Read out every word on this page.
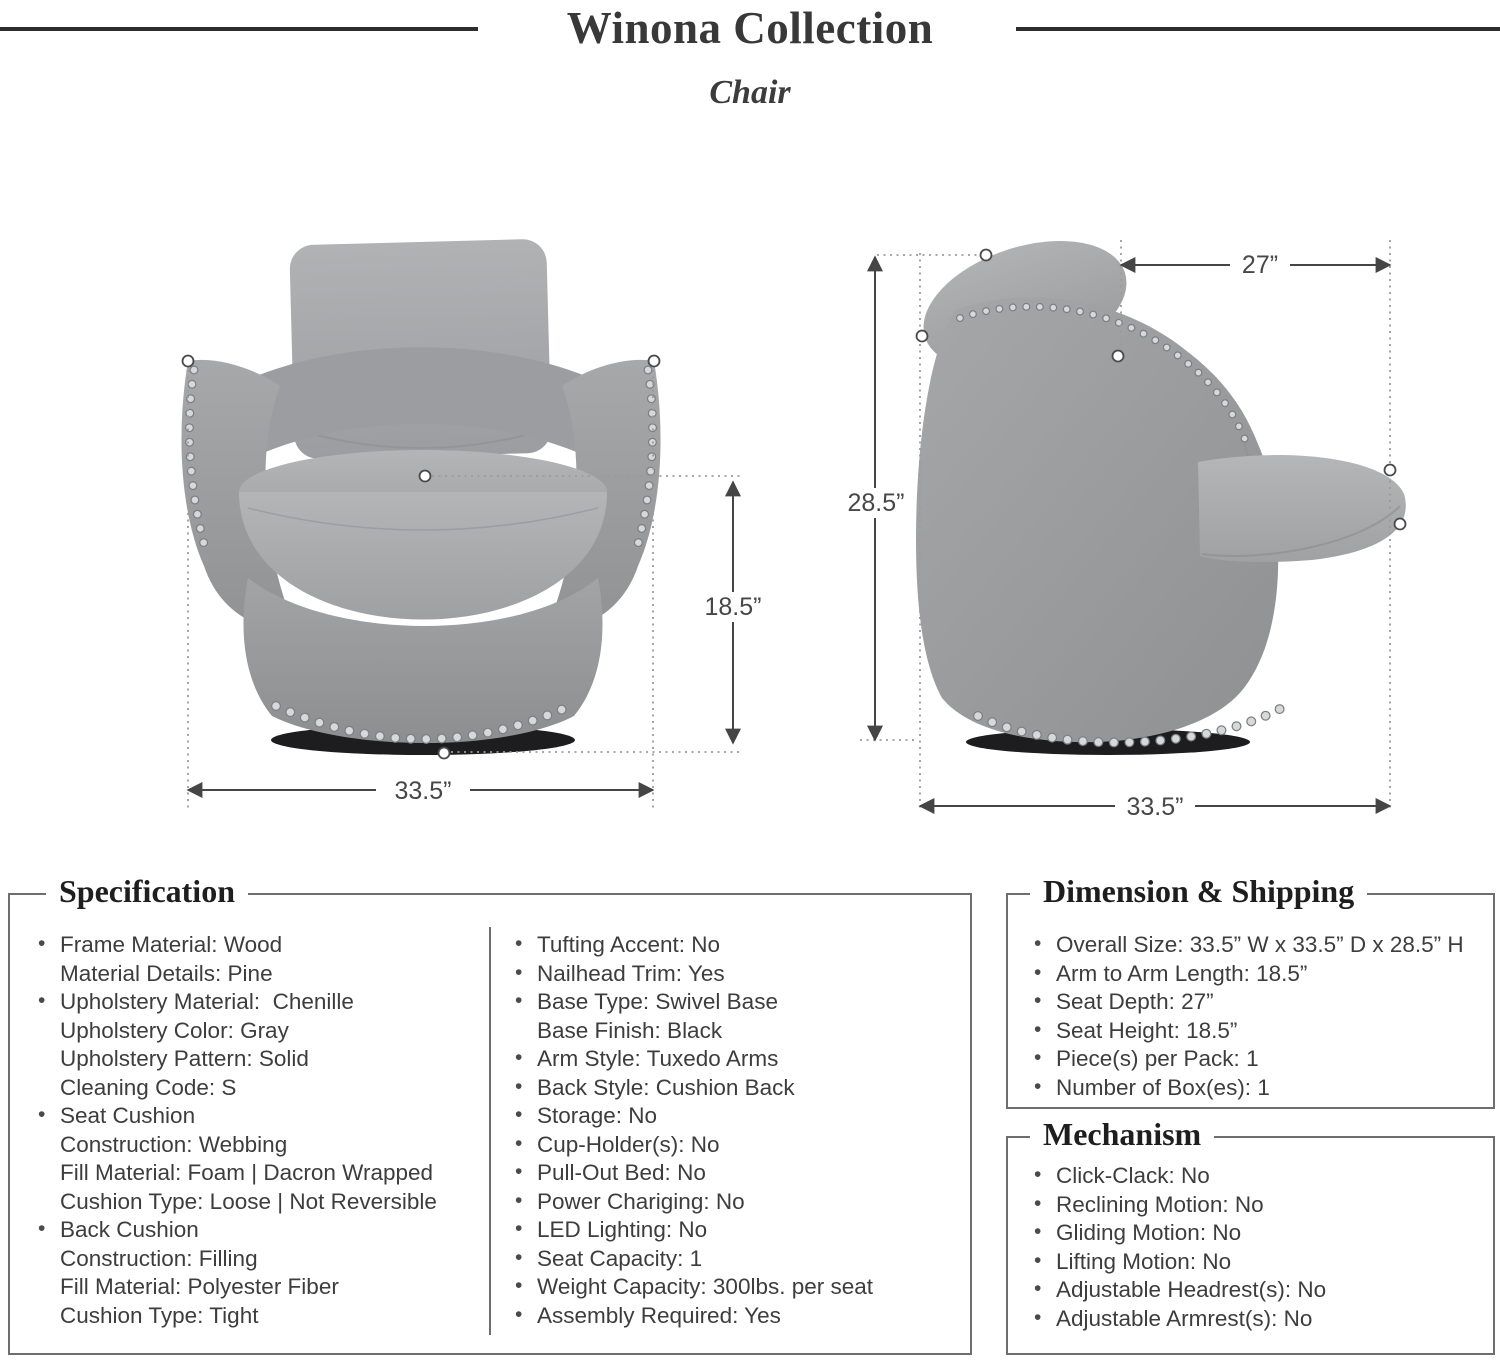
Winona Collection
Chair
18.5”
33.5”
28.5”
27”
33.5”
Specification
• Frame Material: Wood
Material Details: Pine
• Upholstery Material:  Chenille
Upholstery Color: Gray
Upholstery Pattern: Solid
Cleaning Code: S
• Seat Cushion
Construction: Webbing
Fill Material: Foam | Dacron Wrapped
Cushion Type: Loose | Not Reversible
• Back Cushion
Construction: Filling
Fill Material: Polyester Fiber
Cushion Type: Tight
• Tufting Accent: No
• Nailhead Trim: Yes
• Base Type: Swivel Base
Base Finish: Black
• Arm Style: Tuxedo Arms
• Back Style: Cushion Back
• Storage: No
• Cup-Holder(s): No
• Pull-Out Bed: No
• Power Chariging: No
• LED Lighting: No
• Seat Capacity: 1
• Weight Capacity: 300lbs. per seat
• Assembly Required: Yes
Dimension & Shipping
• Overall Size: 33.5” W x 33.5” D x 28.5” H
• Arm to Arm Length: 18.5”
• Seat Depth: 27”
• Seat Height: 18.5”
• Piece(s) per Pack: 1
• Number of Box(es): 1
Mechanism
• Click-Clack: No
• Reclining Motion: No
• Gliding Motion: No
• Lifting Motion: No
• Adjustable Headrest(s): No
• Adjustable Armrest(s): No
